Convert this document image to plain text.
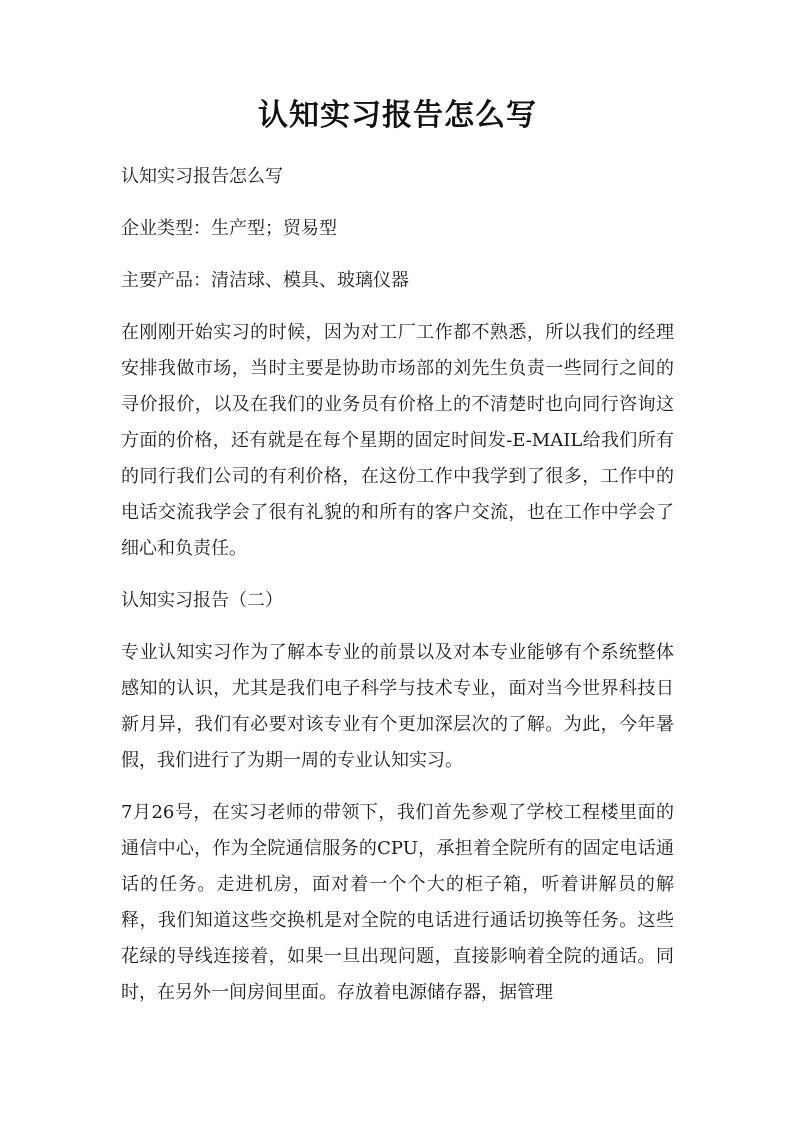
认知实习报告怎么写

认知实习报告怎么写

企业类型：生产型；贸易型

主要产品：清洁球、模具、玻璃仪器

在刚刚开始实习的时候，因为对工厂工作都不熟悉，所以我们的经理安排我做市场，当时主要是协助市场部的刘先生负责一些同行之间的寻价报价，以及在我们的业务员有价格上的不清楚时也向同行咨询这方面的价格，还有就是在每个星期的固定时间发-E-MAIL给我们所有的同行我们公司的有利价格，在这份工作中我学到了很多，工作中的电话交流我学会了很有礼貌的和所有的客户交流，也在工作中学会了细心和负责任。

认知实习报告（二）

专业认知实习作为了解本专业的前景以及对本专业能够有个系统整体感知的认识，尤其是我们电子科学与技术专业，面对当今世界科技日新月异，我们有必要对该专业有个更加深层次的了解。为此，今年暑假，我们进行了为期一周的专业认知实习。

7月26号，在实习老师的带领下，我们首先参观了学校工程楼里面的通信中心，作为全院通信服务的CPU，承担着全院所有的固定电话通话的任务。走进机房，面对着一个个大的柜子箱，听着讲解员的解释，我们知道这些交换机是对全院的电话进行通话切换等任务。这些花绿的导线连接着，如果一旦出现问题，直接影响着全院的通话。同时，在另外一间房间里面。存放着电源储存器，据管理
